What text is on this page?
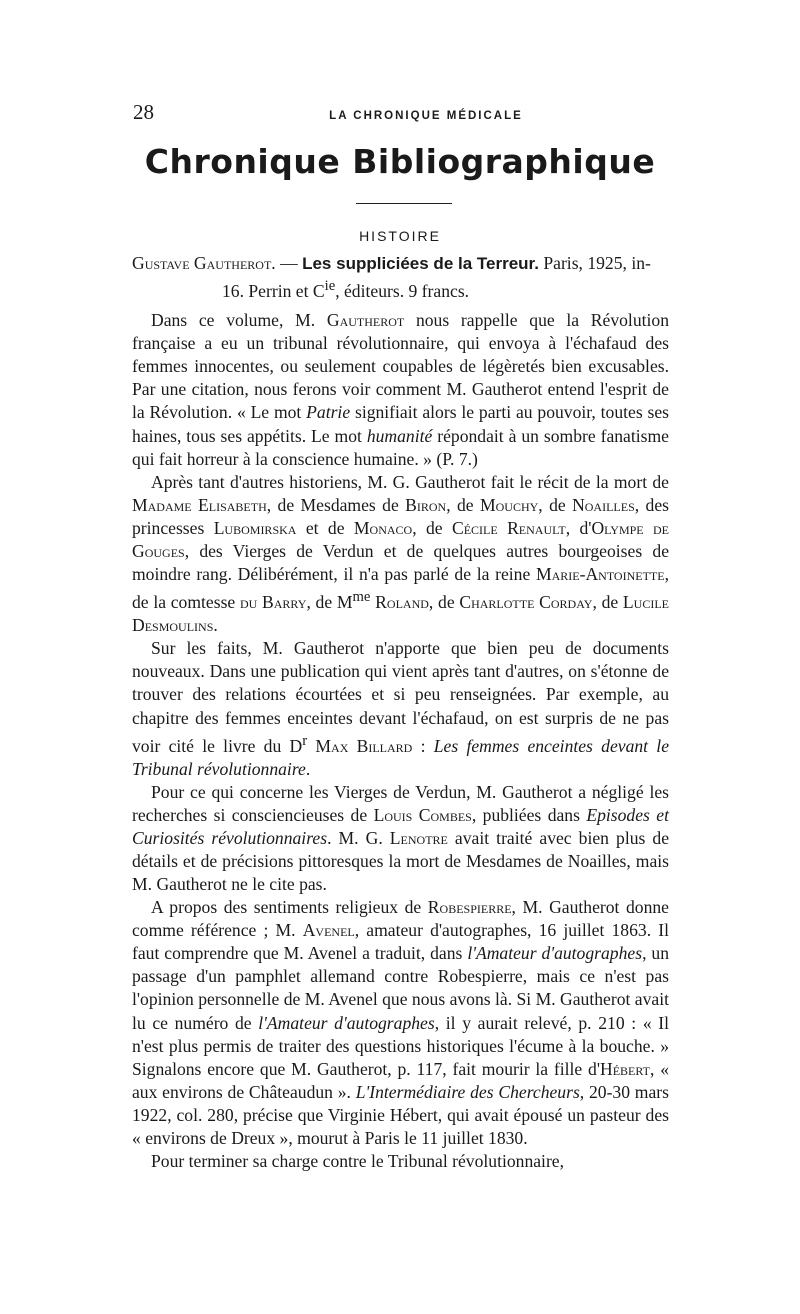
28	LA CHRONIQUE MÉDICALE
Chronique Bibliographique
HISTOIRE

Gustave Gautherot. — Les suppliciées de la Terreur. Paris, 1925, in-16. Perrin et $C^{ie}$, éditeurs. 9 francs.

Dans ce volume, M. Gautherot nous rappelle que la Révolution française a eu un tribunal révolutionnaire, qui envoya à l'échafaud des femmes innocentes, ou seulement coupables de légèretés bien excusables. Par une citation, nous ferons voir comment M. Gautherot entend l'esprit de la Révolution. « Le mot Patrie signifiait alors le parti au pouvoir, toutes ses haines, tous ses appétits. Le mot humanité répondait à un sombre fanatisme qui fait horreur à la conscience humaine. » (P. 7.)

Après tant d'autres historiens, M. G. Gautherot fait le récit de la mort de Madame Elisabeth, de Mesdames de Biron, de Mouchy, de Noailles, des princesses Lubomirska et de Monaco, de Cécile Renault, d'Olympe de Gouges, des Vierges de Verdun et de quelques autres bourgeoises de moindre rang. Délibérément, il n'a pas parlé de la reine Marie-Antoinette, de la comtesse du Barry, de $M^{me}$ Roland, de Charlotte Corday, de Lucile Desmoulins.

Sur les faits, M. Gautherot n'apporte que bien peu de documents nouveaux. Dans une publication qui vient après tant d'autres, on s'étonne de trouver des relations écourtées et si peu renseignées. Par exemple, au chapitre des femmes enceintes devant l'échafaud, on est surpris de ne pas voir cité le livre du $D^r$ Max Billard : Les femmes enceintes devant le Tribunal révolutionnaire.

Pour ce qui concerne les Vierges de Verdun, M. Gautherot a négligé les recherches si consciencieuses de Louis Combes, publiées dans Episodes et Curiosités révolutionnaires. M. G. Lenotre avait traité avec bien plus de détails et de précisions pittoresques la mort de Mesdames de Noailles, mais M. Gautherot ne le cite pas.

A propos des sentiments religieux de Robespierre, M. Gautherot donne comme référence ; M. Avenel, amateur d'autographes, 16 juillet 1863. Il faut comprendre que M. Avenel a traduit, dans l'Amateur d'autographes, un passage d'un pamphlet allemand contre Robespierre, mais ce n'est pas l'opinion personnelle de M. Avenel que nous avons là. Si M. Gautherot avait lu ce numéro de l'Amateur d'autographes, il y aurait relevé, p. 210 : « Il n'est plus permis de traiter des questions historiques l'écume à la bouche. » Signalons encore que M. Gautherot, p. 117, fait mourir la fille d'Hébert, « aux environs de Châteaudun ». L'Intermédiaire des Chercheurs, 20-30 mars 1922, col. 280, précise que Virginie Hébert, qui avait épousé un pasteur des « environs de Dreux », mourut à Paris le 11 juillet 1830.

Pour terminer sa charge contre le Tribunal révolutionnaire,
